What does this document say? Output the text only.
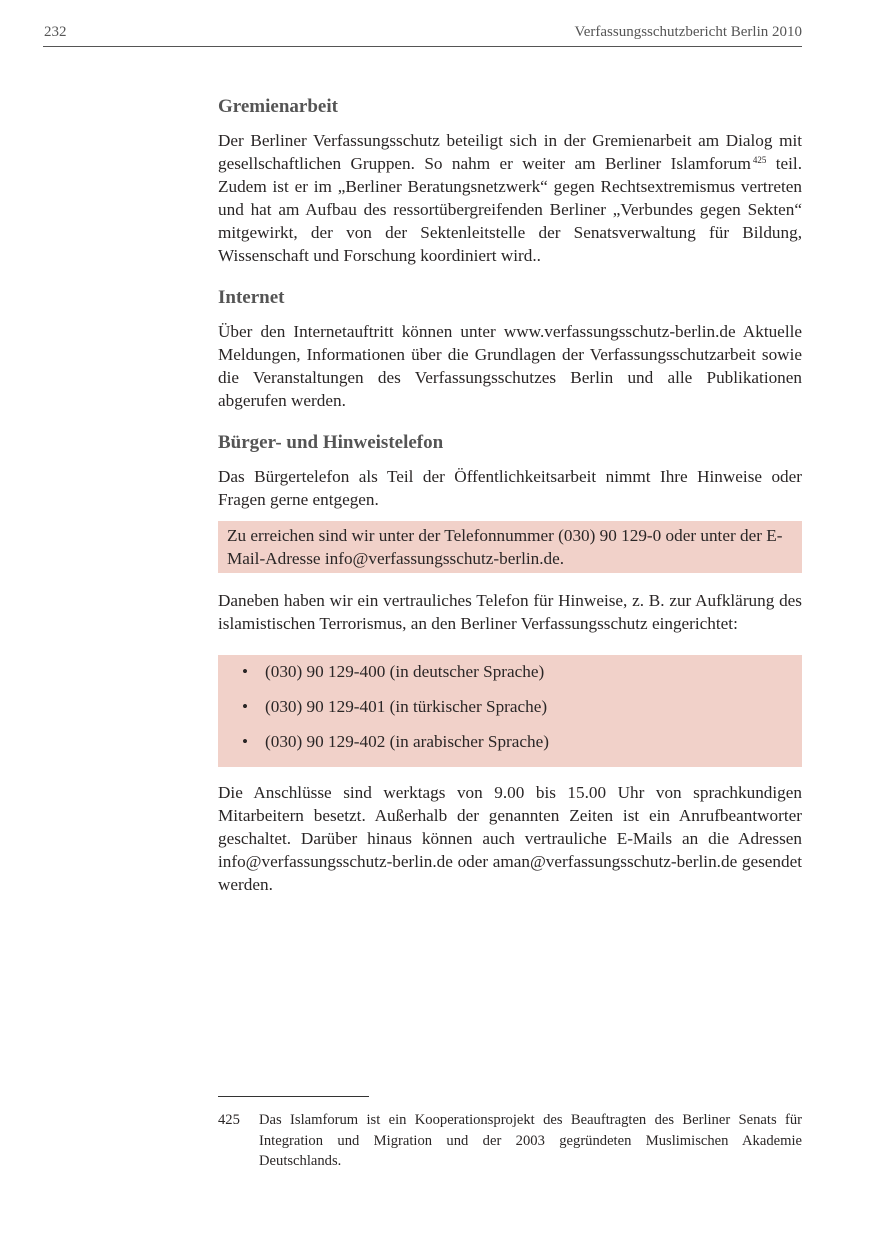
232	Verfassungsschutzbericht Berlin 2010
Gremienarbeit

Der Berliner Verfassungsschutz beteiligt sich in der Gremienarbeit am Dialog mit gesellschaftlichen Gruppen. So nahm er weiter am Berliner Islamforum $^{425}$ teil. Zudem ist er im „Berliner Beratungsnetzwerk“ gegen Rechtsextremismus vertreten und hat am Aufbau des ressortübergreifenden Berliner „Verbundes gegen Sekten“ mitgewirkt, der von der Sektenleitstelle der Senatsverwaltung für Bildung, Wissenschaft und Forschung koordiniert wird..

Internet

Über den Internetauftritt können unter www.verfassungsschutz-berlin.de Aktuelle Meldungen, Informationen über die Grundlagen der Verfassungsschutzarbeit sowie die Veranstaltungen des Verfassungsschutzes Berlin und alle Publikationen abgerufen werden.

Bürger- und Hinweistelefon

Das Bürgertelefon als Teil der Öffentlichkeitsarbeit nimmt Ihre Hinweise oder Fragen gerne entgegen.

Zu erreichen sind wir unter der Telefonnummer (030) 90 129-0 oder unter der E-Mail-Adresse info@verfassungsschutz-berlin.de.

Daneben haben wir ein vertrauliches Telefon für Hinweise, z. B. zur Aufklärung des islamistischen Terrorismus, an den Berliner Verfassungsschutz eingerichtet:

• (030) 90 129-400 (in deutscher Sprache)
• (030) 90 129-401 (in türkischer Sprache)
• (030) 90 129-402 (in arabischer Sprache)

Die Anschlüsse sind werktags von 9.00 bis 15.00 Uhr von sprachkundigen Mitarbeitern besetzt. Außerhalb der genannten Zeiten ist ein Anrufbeantworter geschaltet. Darüber hinaus können auch vertrauliche E-Mails an die Adressen info@verfassungsschutz-berlin.de oder aman@verfassungsschutz-berlin.de gesendet werden.

425 Das Islamforum ist ein Kooperationsprojekt des Beauftragten des Berliner Senats für Integration und Migration und der 2003 gegründeten Muslimischen Akademie Deutschlands.
